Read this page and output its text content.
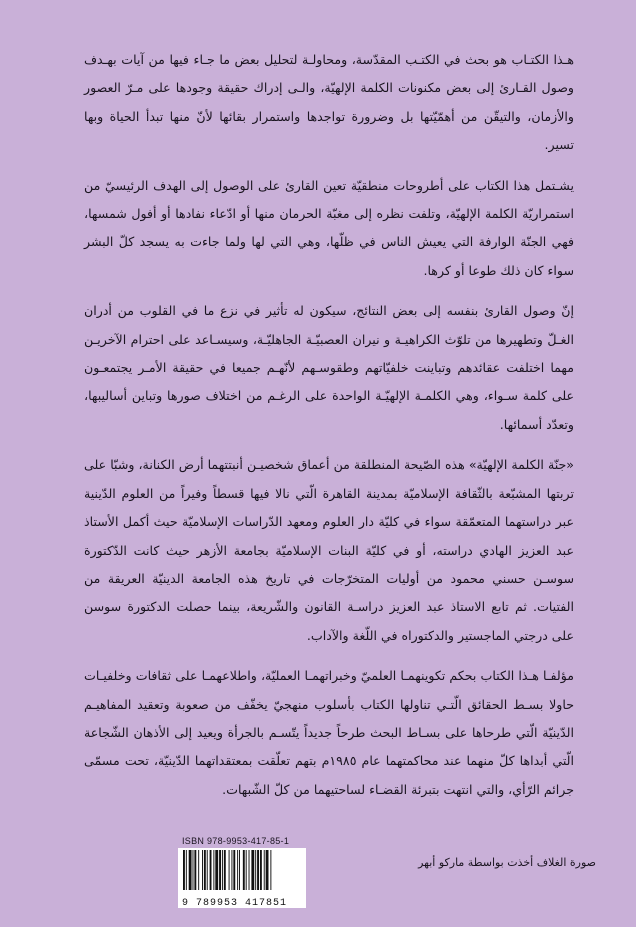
هـذا الكتـاب هو بحث في الكتـب المقدّسة، ومحاولـة لتحليل بعض ما جـاء فيها من آيات بهـدف وصول القـارئ إلى بعض مكنونات الكلمة الإلهيّة، والـى إدراك حقيقة وجودها على مـرّ العصور والأزمان، والتيقّن من أهمّيّتها بل وضرورة تواجدها واستمرار بقائها لأنّ منها تبدأ الحياة وبها تسير.

يشـتمل هذا الكتاب على أطروحات منطقيّة تعين القارئ على الوصول إلى الهدف الرئيسيّ من استمراريّة الكلمة الإلهيّة، وتلفت نظره إلى مغبّة الحرمان منها أو ادّعاء نفادها أو أفول شمسها، فهي الجنّة الوارفة التي يعيش الناس في ظلّها، وهي التي لها ولما جاءت به يسجد كلّ البشر سواء كان ذلك طوعا أو كرها.

إنّ وصول القارئ بنفسه إلى بعض النتائج، سيكون له تأثير في نزع ما في القلوب من أدران الغـلّ وتطهيرها من تلوّث الكراهيـة و نيران العصبيّـة الجاهليّـة، وسيسـاعد على احترام الآخريـن مهما اختلفت عقائدهم وتباينت خلفيّاتهم وطقوسـهم لأنّهـم جميعا في حقيقة الأمـر يجتمعـون على كلمة سـواء، وهي الكلمـة الإلهيّـة الواحدة على الرغـم من اختلاف صورها وتباين أساليبها، وتعدّد أسمائها.

«جنّة الكلمة الإلهيّة» هذه الصّيحة المنطلقة من أعماق شخصيـن أنبتتهما أرض الكنانة، وشبّا على تربتها المشبّعة بالثّقافة الإسلاميّة بمدينة القاهرة الّتي نالا فيها قسطاً وفيراً من العلوم الدّينية عبر دراستهما المتعمّقة سواء في كليّة دار العلوم ومعهد الدّراسات الإسلاميّة حيث أكمل الأستاذ عبد العزيز الهادي دراسته، أو في كليّة البنات الإسلاميّة بجامعة الأزهر حيث كانت الدّكتورة سوسـن حسني محمود من أوليات المتخرّجات في تاريخ هذه الجامعة الدينيّة العريقة من الفتيات. ثم تابع الاستاذ عبد العزيز دراسـة القانون والشّريعة، بينما حصلت الدكتورة سوسن على درجتي الماجستير والدكتوراه في اللّغة والآداب.

مؤلفـا هـذا الكتاب بحكم تكوينهمـا العلميّ وخبراتهمـا العمليّة، واطلاعهمـا على ثقافات وخلفيـات حاولا بسـط الحقائق الّتـي تناولها الكتاب بأسلوب منهجيّ يخفّف من صعوبة وتعقيد المفاهيـم الدّينيّة الّتي طرحاها على بسـاط البحث طرحاً جديداً يتّسـم بالجرأة ويعيد إلى الأذهان الشّجاعة الّتي أبداها كلّ منهما عند محاكمتهما عام ١٩٨٥م بتهم تعلّقت بمعتقداتهما الدّينيّة، تحت مسمّى جرائم الرّأي، والتي انتهت بتبرئة القضـاء لساحتيهما من كلّ الشّبهات.

ISBN 978-9953-417-85-1
9 789953 417851
صورة الغلاف أخذت بواسطة ماركو أبهر
